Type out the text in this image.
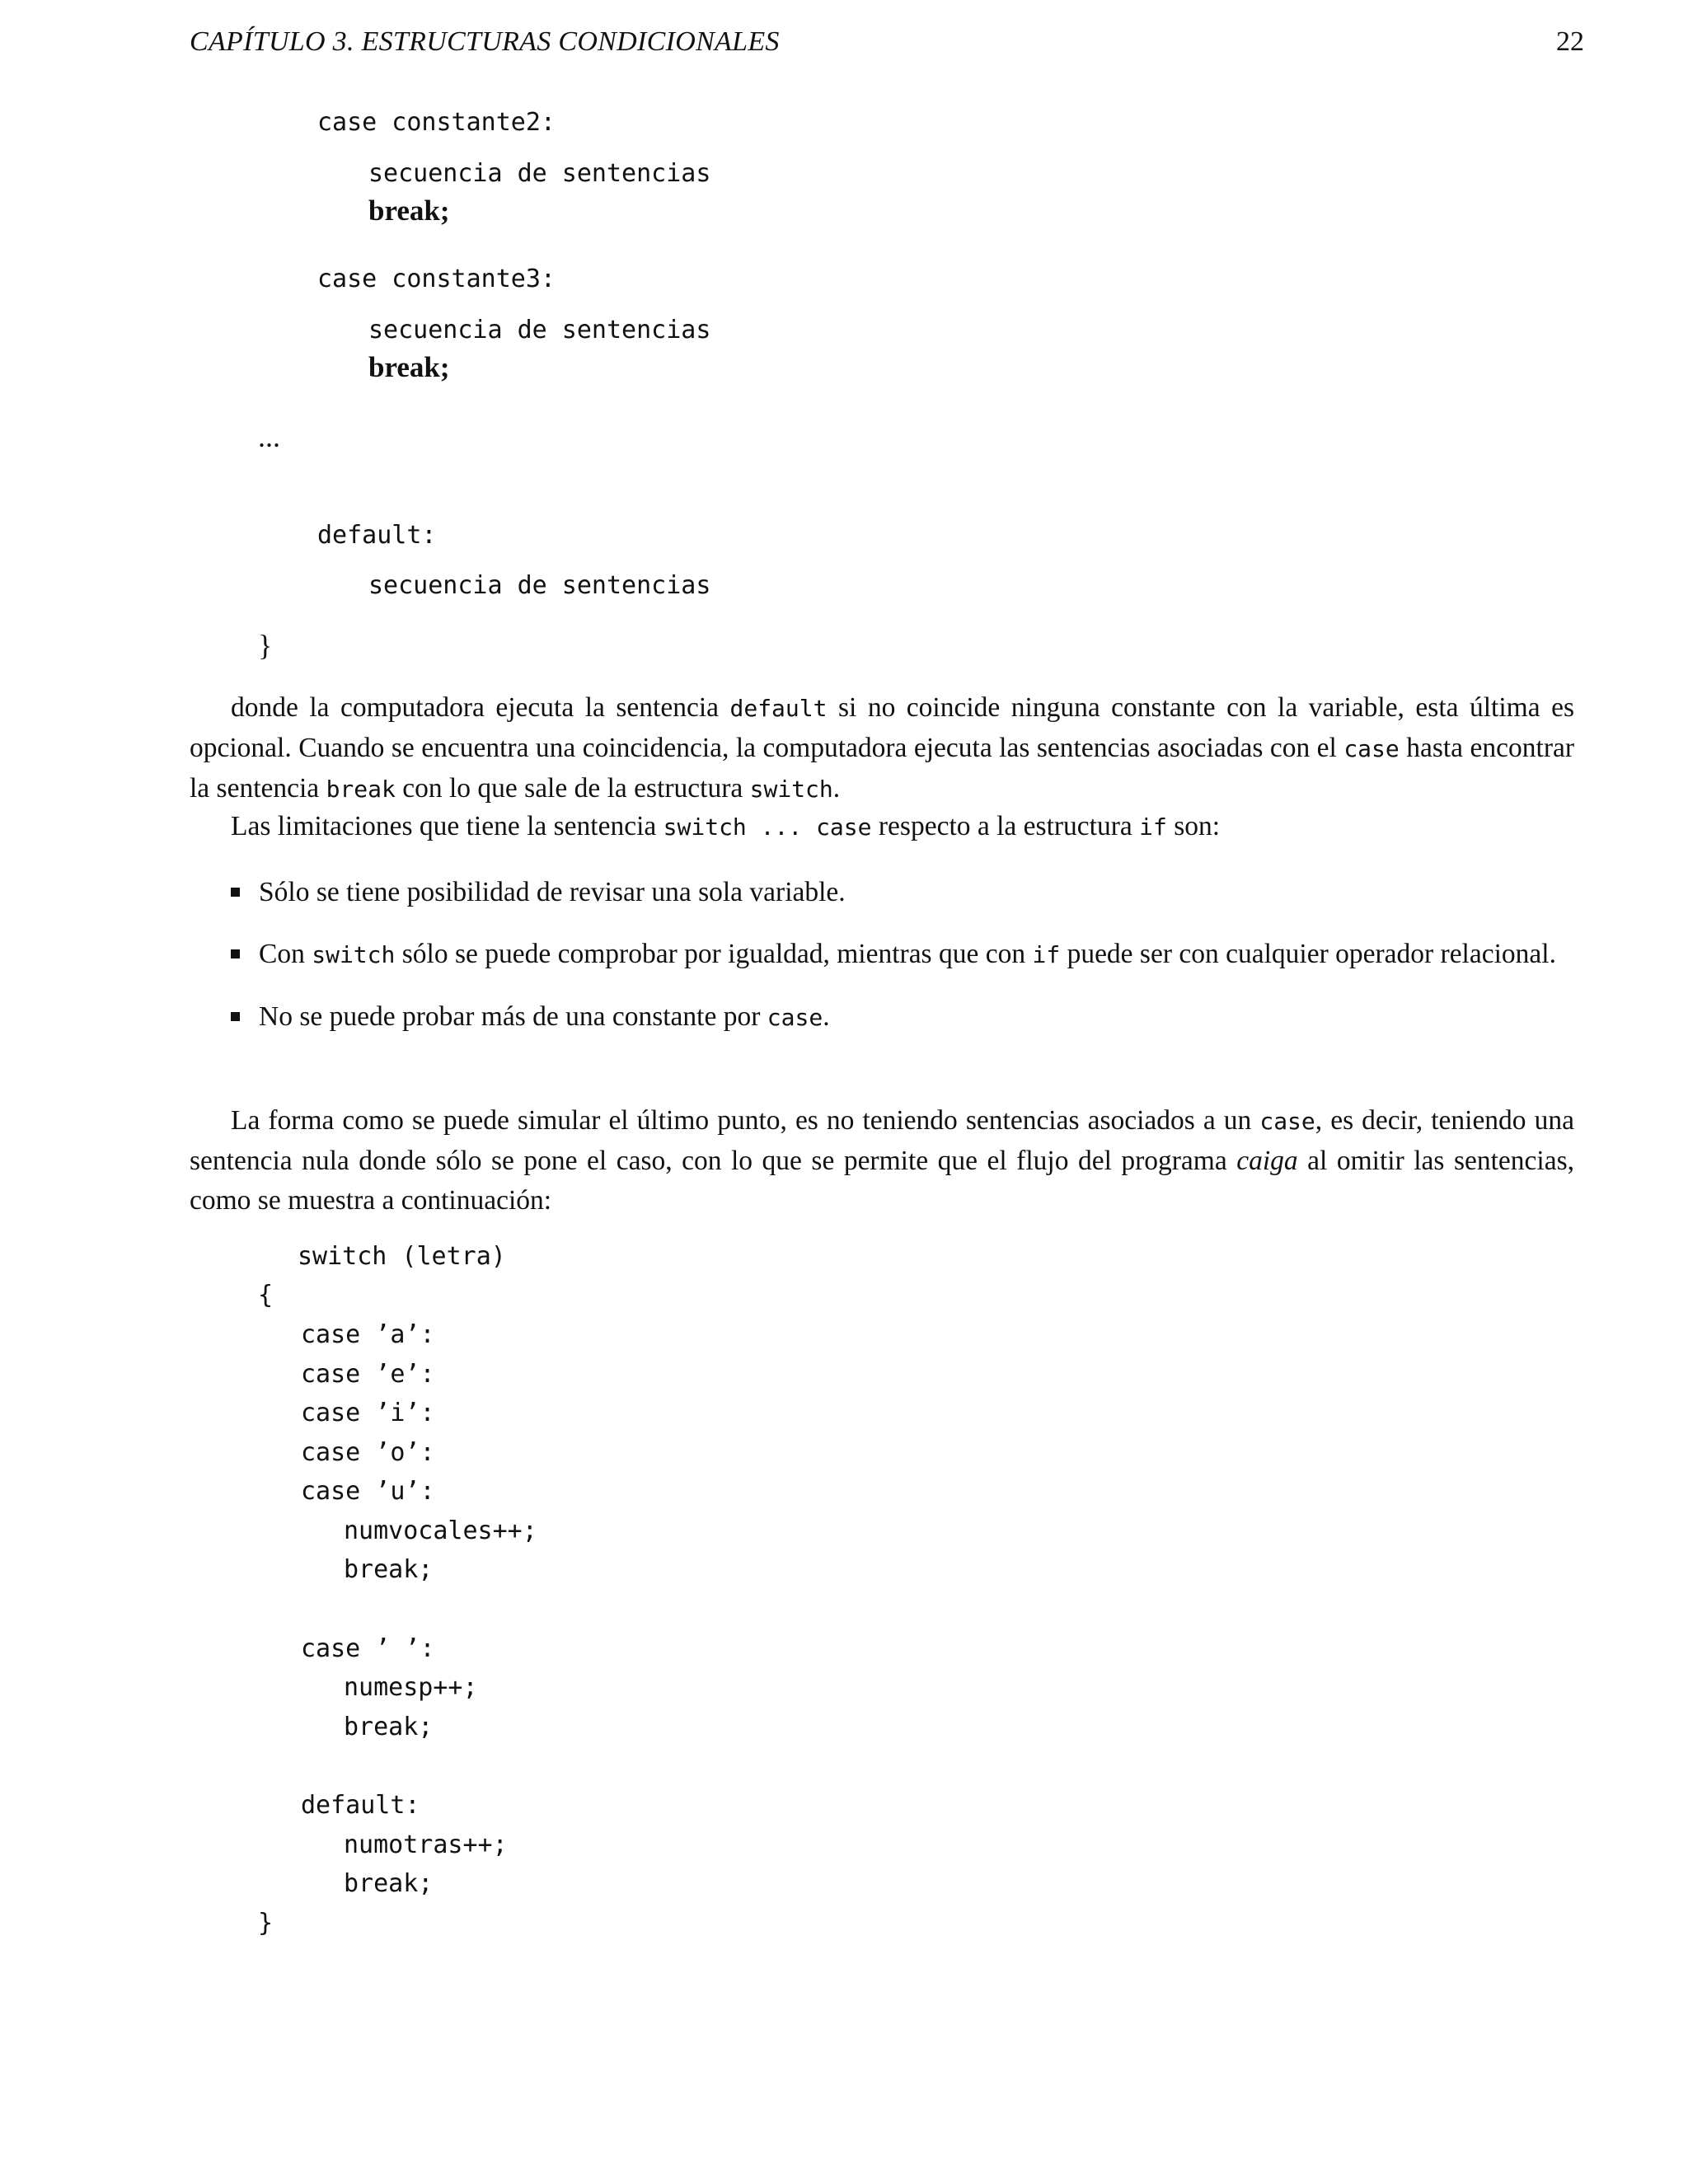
CAPÍTULO 3. ESTRUCTURAS CONDICIONALES	22
case constante2:
secuencia de sentencias
break;
case constante3:
secuencia de sentencias
break;
...
default:
secuencia de sentencias
}
donde la computadora ejecuta la sentencia default si no coincide ninguna constante con la variable, esta última es opcional. Cuando se encuentra una coincidencia, la computadora ejecuta las sentencias asociadas con el case hasta encontrar la sentencia break con lo que sale de la estructura switch.
Las limitaciones que tiene la sentencia switch ... case respecto a la estructura if son:
Sólo se tiene posibilidad de revisar una sola variable.
Con switch sólo se puede comprobar por igualdad, mientras que con if puede ser con cualquier operador relacional.
No se puede probar más de una constante por case.
La forma como se puede simular el último punto, es no teniendo sentencias asociados a un case, es decir, teniendo una sentencia nula donde sólo se pone el caso, con lo que se permite que el flujo del programa caiga al omitir las sentencias, como se muestra a continuación:
switch (letra)
{
case ’a’:
case ’e’:
case ’i’:
case ’o’:
case ’u’:
numvocales++;
break;
case ’ ’:
numesp++;
break;
default:
numotras++;
break;
}
